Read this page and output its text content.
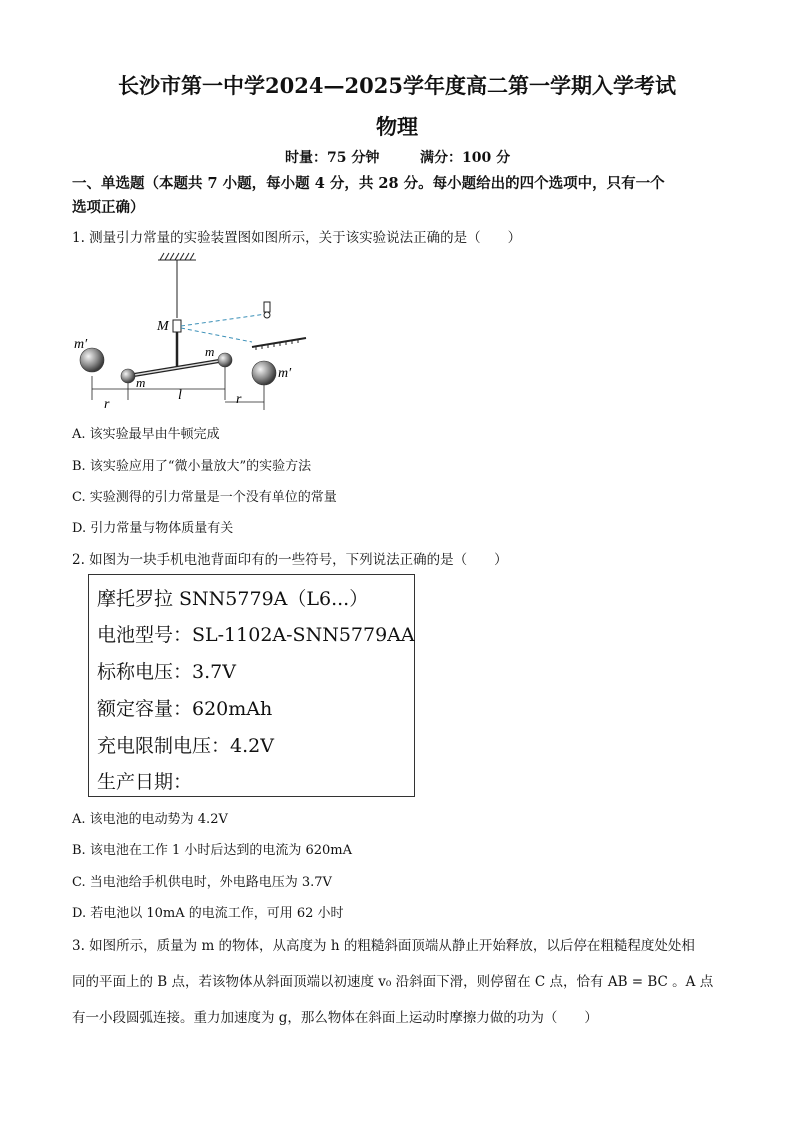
长沙市第一中学2024—2025学年度高二第一学期入学考试
物理
时量：75 分钟	满分：100 分
一、单选题（本题共 7 小题，每小题 4 分，共 28 分。每小题给出的四个选项中，只有一个
选项正确）
1. 测量引力常量的实验装置图如图所示，关于该实验说法正确的是（　　）
M
m′
m′
m
m
r
l	r
A. 该实验最早由牛顿完成
B. 该实验应用了“微小量放大”的实验方法
C. 实验测得的引力常量是一个没有单位的常量
D. 引力常量与物体质量有关
2. 如图为一块手机电池背面印有的一些符号，下列说法正确的是（　　）
摩托罗拉 SNN5779A（L6...）
电池型号：SL-1102A-SNN5779AA
标称电压：3.7V
额定容量：620mAh
充电限制电压：4.2V
生产日期：
A. 该电池的电动势为 4.2V
B. 该电池在工作 1 小时后达到的电流为 620mA
C. 当电池给手机供电时，外电路电压为 3.7V
D. 若电池以 10mA 的电流工作，可用 62 小时
3. 如图所示，质量为 m 的物体，从高度为 h 的粗糙斜面顶端从静止开始释放，以后停在粗糙程度处处相
同的平面上的 B 点，若该物体从斜面顶端以初速度 v₀ 沿斜面下滑，则停留在 C 点，恰有 AB = BC 。A 点
有一小段圆弧连接。重力加速度为 g，那么物体在斜面上运动时摩擦力做的功为（　　）
